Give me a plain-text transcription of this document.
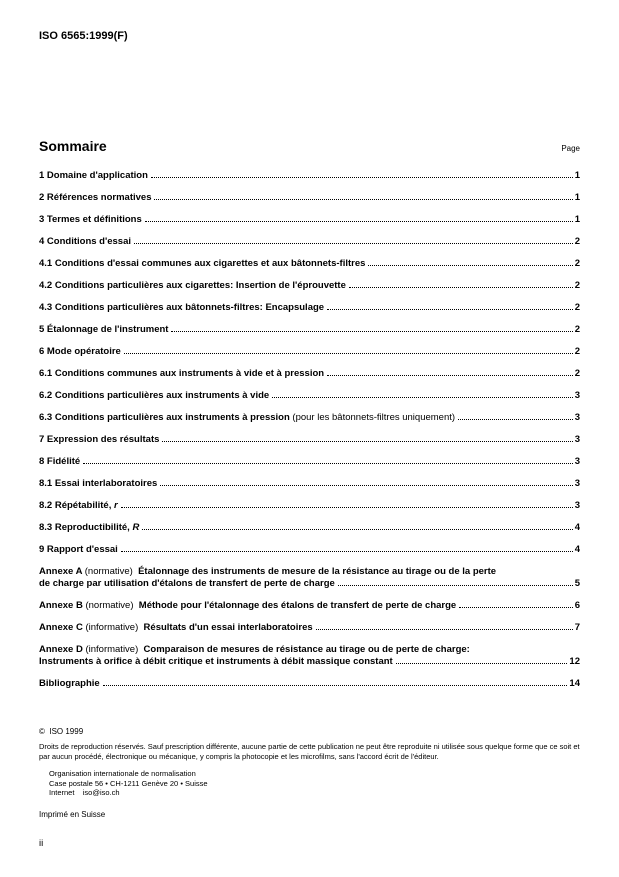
ISO 6565:1999(F)
Sommaire	Page
1 Domaine d'application	1
2 Références normatives	1
3 Termes et définitions	1
4 Conditions d'essai	2
4.1 Conditions d'essai communes aux cigarettes et aux bâtonnets-filtres	2
4.2 Conditions particulières aux cigarettes: Insertion de l'éprouvette	2
4.3 Conditions particulières aux bâtonnets-filtres: Encapsulage	2
5 Étalonnage de l'instrument	2
6 Mode opératoire	2
6.1 Conditions communes aux instruments à vide et à pression	2
6.2 Conditions particulières aux instruments à vide	3
6.3 Conditions particulières aux instruments à pression (pour les bâtonnets-filtres uniquement)	3
7 Expression des résultats	3
8 Fidélité	3
8.1 Essai interlaboratoires	3
8.2 Répétabilité, r	3
8.3 Reproductibilité, R	4
9 Rapport d'essai	4
Annexe A (normative)  Étalonnage des instruments de mesure de la résistance au tirage ou de la perte
de charge par utilisation d'étalons de transfert de perte de charge	5
Annexe B (normative)  Méthode pour l'étalonnage des étalons de transfert de perte de charge	6
Annexe C (informative)  Résultats d'un essai interlaboratoires	7
Annexe D (informative)  Comparaison de mesures de résistance au tirage ou de perte de charge:
Instruments à orifice à débit critique et instruments à débit massique constant	12
Bibliographie	14
©  ISO 1999
Droits de reproduction réservés. Sauf prescription différente, aucune partie de cette publication ne peut être reproduite ni utilisée sous quelque forme que ce soit et par aucun procédé, électronique ou mécanique, y compris la photocopie et les microfilms, sans l'accord écrit de l'éditeur.
Organisation internationale de normalisation
Case postale 56 • CH-1211 Genève 20 • Suisse
Internet    iso@iso.ch
Imprimé en Suisse
ii
